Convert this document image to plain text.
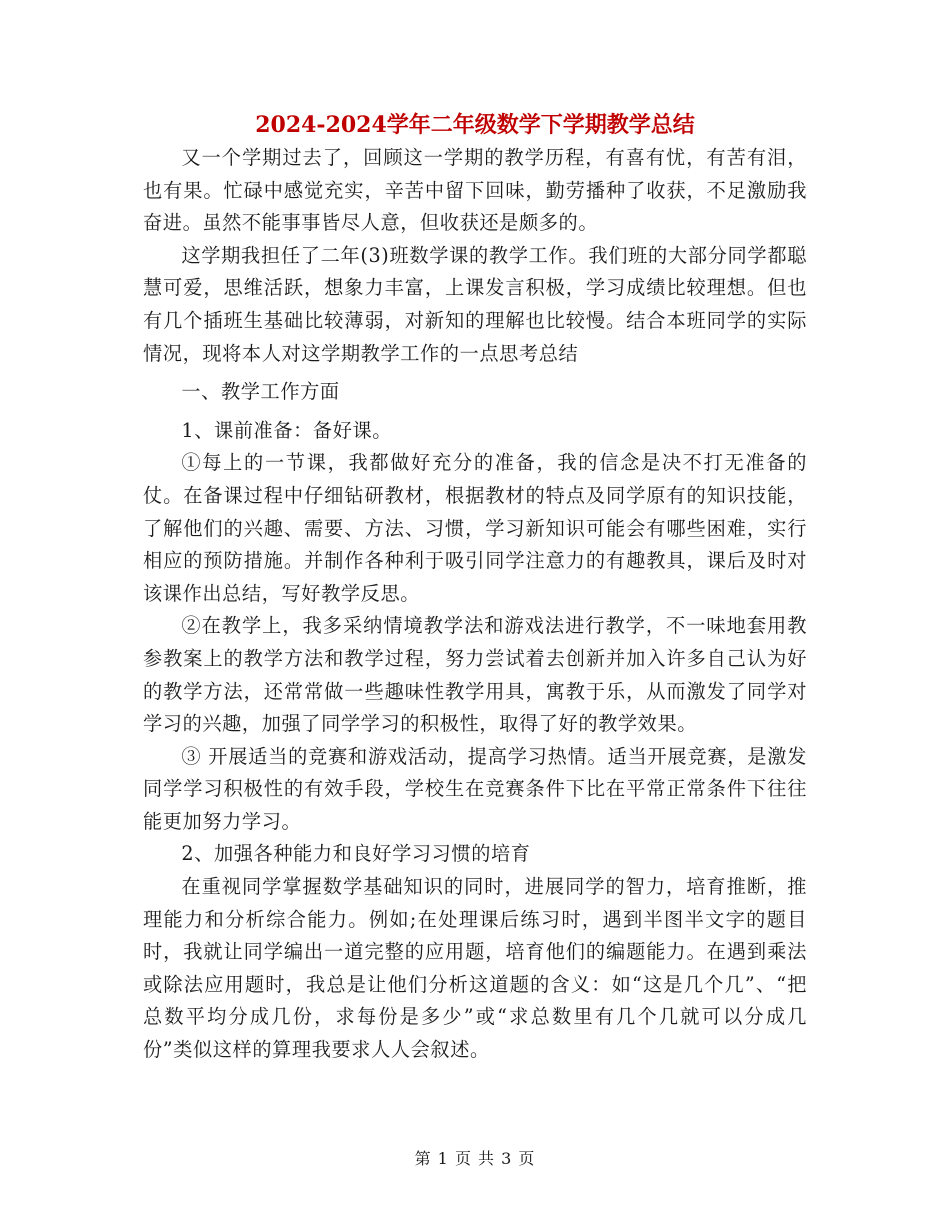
2024-2024学年二年级数学下学期教学总结

又一个学期过去了，回顾这一学期的教学历程，有喜有忧，有苦有泪，也有果。忙碌中感觉充实，辛苦中留下回味，勤劳播种了收获，不足激励我奋进。虽然不能事事皆尽人意，但收获还是颇多的。

这学期我担任了二年(3)班数学课的教学工作。我们班的大部分同学都聪慧可爱，思维活跃，想象力丰富，上课发言积极，学习成绩比较理想。但也有几个插班生基础比较薄弱，对新知的理解也比较慢。结合本班同学的实际情况，现将本人对这学期教学工作的一点思考总结

一、教学工作方面

1、课前准备：备好课。

①每上的一节课，我都做好充分的准备，我的信念是决不打无准备的仗。在备课过程中仔细钻研教材，根据教材的特点及同学原有的知识技能，了解他们的兴趣、需要、方法、习惯，学习新知识可能会有哪些困难，实行相应的预防措施。并制作各种利于吸引同学注意力的有趣教具，课后及时对该课作出总结，写好教学反思。

②在教学上，我多采纳情境教学法和游戏法进行教学，不一味地套用教参教案上的教学方法和教学过程，努力尝试着去创新并加入许多自己认为好的教学方法，还常常做一些趣味性教学用具，寓教于乐，从而激发了同学对学习的兴趣，加强了同学学习的积极性，取得了好的教学效果。

③ 开展适当的竞赛和游戏活动，提高学习热情。适当开展竞赛，是激发同学学习积极性的有效手段，学校生在竞赛条件下比在平常正常条件下往往能更加努力学习。

2、加强各种能力和良好学习习惯的培育

在重视同学掌握数学基础知识的同时，进展同学的智力，培育推断，推理能力和分析综合能力。例如;在处理课后练习时，遇到半图半文字的题目时，我就让同学编出一道完整的应用题，培育他们的编题能力。在遇到乘法或除法应用题时，我总是让他们分析这道题的含义：如“这是几个几”、“把总数平均分成几份，求每份是多少”或“求总数里有几个几就可以分成几份”类似这样的算理我要求人人会叙述。

第 1 页 共 3 页
